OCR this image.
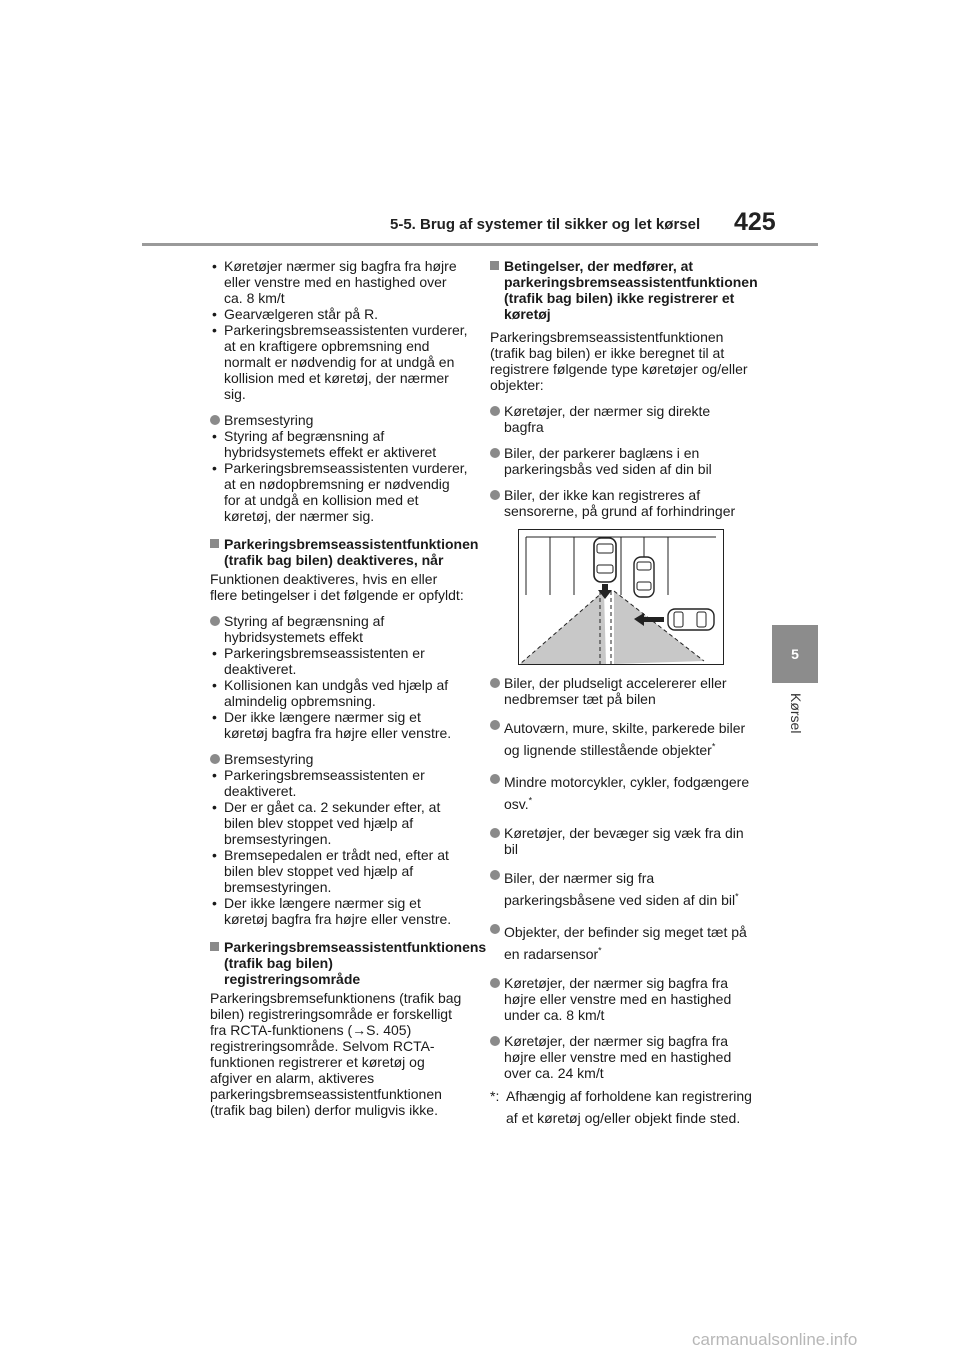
5-5. Brug af systemer til sikker og let kørsel 425
5
Kørsel
• Køretøjer nærmer sig bagfra fra højre eller venstre med en hastighed over ca. 8 km/t
• Gearvælgeren står på R.
• Parkeringsbremseassistenten vurderer, at en kraftigere opbremsning end normalt er nødvendig for at undgå en kollision med et køretøj, der nærmer sig.
Bremsestyring
• Styring af begrænsning af hybridsystemets effekt er aktiveret
• Parkeringsbremseassistenten vurderer, at en nødopbremsning er nødvendig for at undgå en kollision med et køretøj, der nærmer sig.
Parkeringsbremseassistentfunktionen (trafik bag bilen) deaktiveres, når
Funktionen deaktiveres, hvis en eller flere betingelser i det følgende er opfyldt:
Styring af begrænsning af hybridsystemets effekt
• Parkeringsbremseassistenten er deaktiveret.
• Kollisionen kan undgås ved hjælp af almindelig opbremsning.
• Der ikke længere nærmer sig et køretøj bagfra fra højre eller venstre.
Bremsestyring
• Parkeringsbremseassistenten er deaktiveret.
• Der er gået ca. 2 sekunder efter, at bilen blev stoppet ved hjælp af bremsestyringen.
• Bremsepedalen er trådt ned, efter at bilen blev stoppet ved hjælp af bremsestyringen.
• Der ikke længere nærmer sig et køretøj bagfra fra højre eller venstre.
Parkeringsbremseassistentfunktionens (trafik bag bilen) registreringsområde
Parkeringsbremsefunktionens (trafik bag bilen) registreringsområde er forskelligt fra RCTA-funktionens (→S. 405) registreringsområde. Selvom RCTA-funktionen registrerer et køretøj og afgiver en alarm, aktiveres parkeringsbremseassistentfunktionen (trafik bag bilen) derfor muligvis ikke.
Betingelser, der medfører, at parkeringsbremseassistentfunktionen (trafik bag bilen) ikke registrerer et køretøj
Parkeringsbremseassistentfunktionen (trafik bag bilen) er ikke beregnet til at registrere følgende type køretøjer og/eller objekter:
Køretøjer, der nærmer sig direkte bagfra
Biler, der parkerer baglæns i en parkeringsbås ved siden af din bil
Biler, der ikke kan registreres af sensorerne, på grund af forhindringer
Biler, der pludseligt accelererer eller nedbremser tæt på bilen
Autoværn, mure, skilte, parkerede biler og lignende stillestående objekter*
Mindre motorcykler, cykler, fodgængere osv.*
Køretøjer, der bevæger sig væk fra din bil
Biler, der nærmer sig fra parkeringsbåsene ved siden af din bil*
Objekter, der befinder sig meget tæt på en radarsensor*
Køretøjer, der nærmer sig bagfra fra højre eller venstre med en hastighed under ca. 8 km/t
Køretøjer, der nærmer sig bagfra fra højre eller venstre med en hastighed over ca. 24 km/t
*: Afhængig af forholdene kan registrering af et køretøj og/eller objekt finde sted.
carmanualsonline.info
